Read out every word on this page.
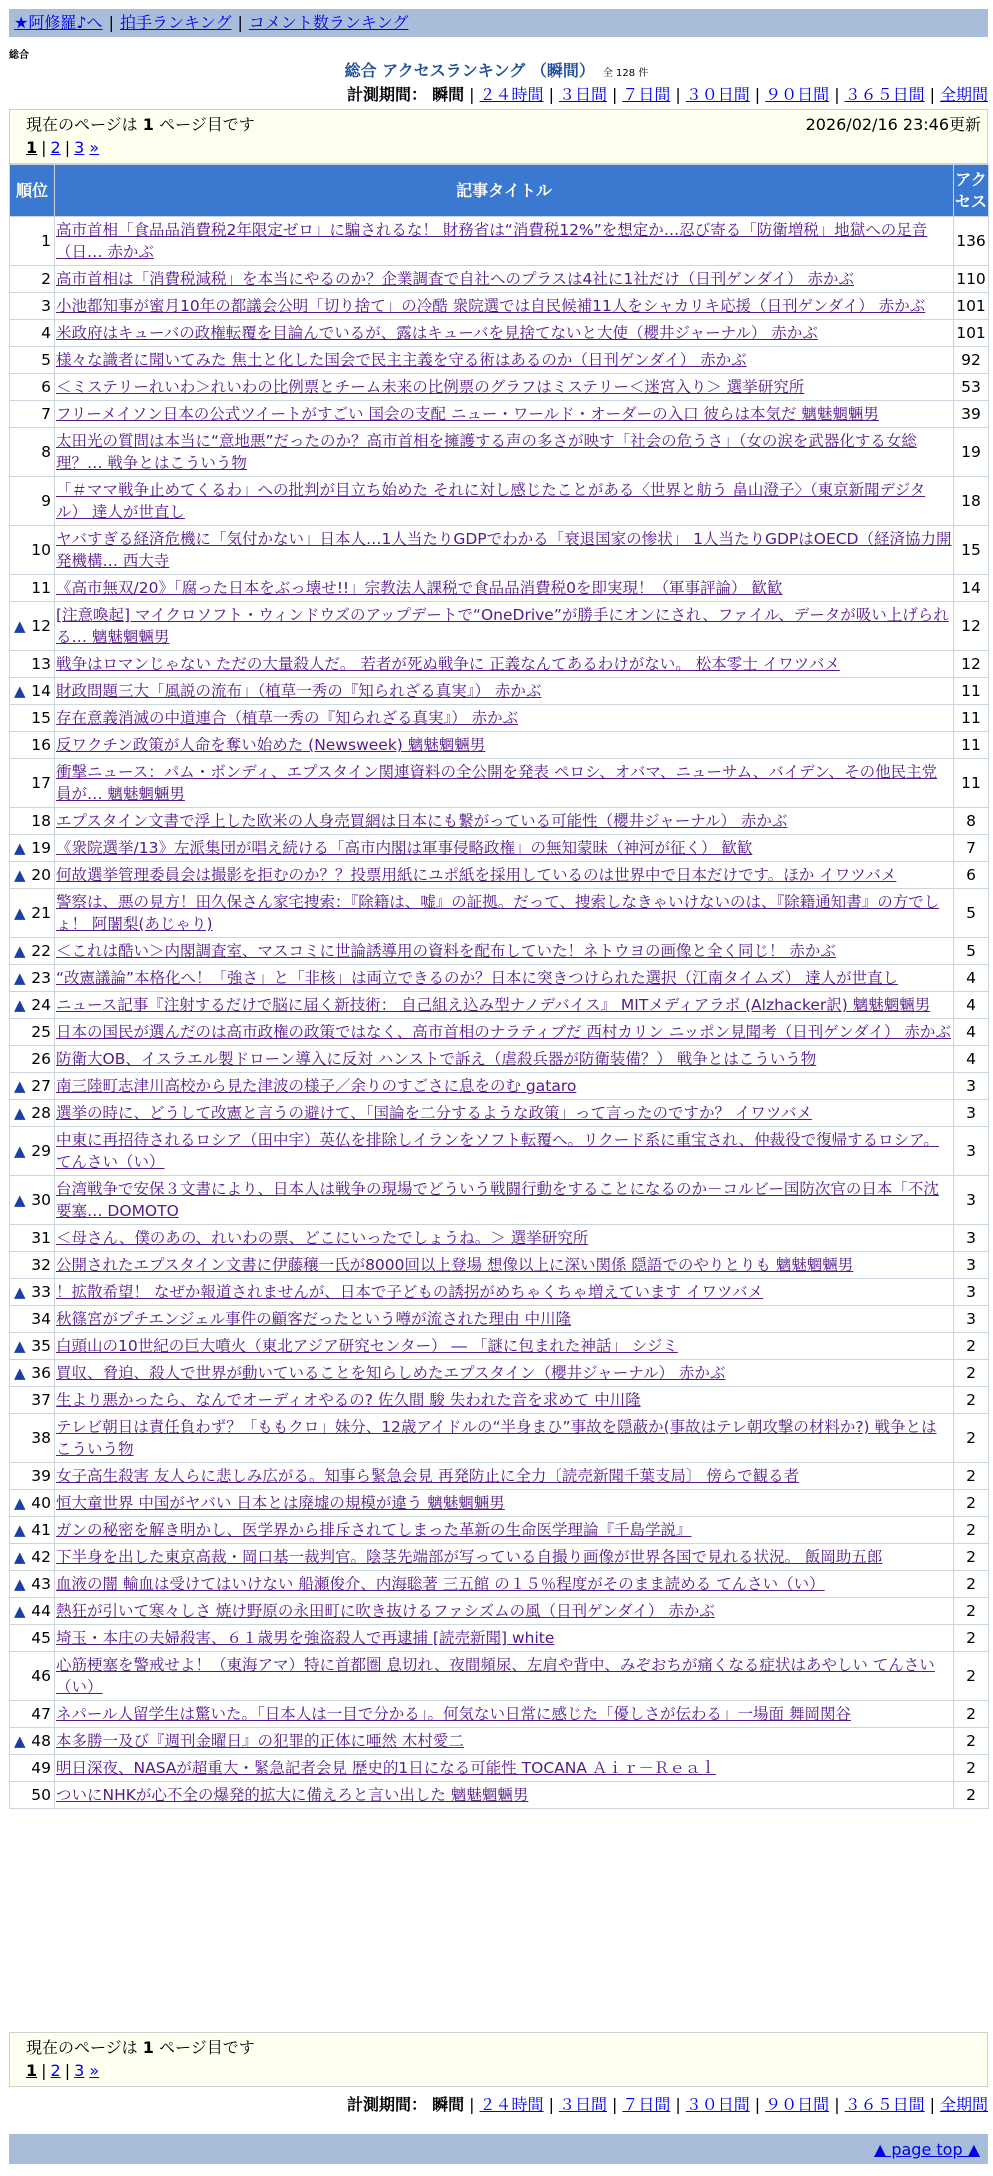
★阿修羅♪へ | 拍手ランキング | コメント数ランキング
総合
総合 アクセスランキング （瞬間） 全 128 件
計測期間： 瞬間 | ２４時間 | ３日間 | ７日間 | ３０日間 | ９０日間 | ３６５日間 | 全期間
現在のページは 1 ページ目です	2026/02/16 23:46更新
1 | 2 | 3 »
順位	記事タイトル	アクセス
1	高市首相「食品品消費税2年限定ゼロ」に騙されるな！ 財務省は“消費税12%”を想定か…忍び寄る「防衛増税」地獄への足音（日… 赤かぶ	136
2	高市首相は「消費税減税」を本当にやるのか？企業調査で自社へのプラスは4社に1社だけ（日刊ゲンダイ） 赤かぶ	110
3	小池都知事が蜜月10年の都議会公明「切り捨て」の冷酷 衆院選では自民候補11人をシャカリキ応援（日刊ゲンダイ） 赤かぶ	101
4	米政府はキューバの政権転覆を目論んでいるが、露はキューバを見捨てないと大使（櫻井ジャーナル） 赤かぶ	101
5	様々な識者に聞いてみた 焦土と化した国会で民主主義を守る術はあるのか（日刊ゲンダイ） 赤かぶ	92
6	＜ミステリーれいわ＞れいわの比例票とチーム未来の比例票のグラフはミステリー＜迷宮入り＞ 選挙研究所	53
7	フリーメイソン日本の公式ツイートがすごい 国会の支配 ニュー・ワールド・オーダーの入口 彼らは本気だ 魑魅魍魎男	39
8	太田光の質問は本当に“意地悪”だったのか？高市首相を擁護する声の多さが映す「社会の危うさ」（女の涙を武器化する女総理？… 戦争とはこういう物	19
9	「＃ママ戦争止めてくるわ」への批判が目立ち始めた それに対し感じたことがある〈世界と舫う 畠山澄子〉（東京新聞デジタル） 達人が世直し	18
10	ヤバすぎる経済危機に「気付かない」日本人…1人当たりGDPでわかる「衰退国家の惨状」 1人当たりGDPはOECD（経済協力開発機構… 西大寺	15
11	《高市無双/20》「腐った日本をぶっ壊せ!!」宗教法人課税で食品品消費税0を即実現！（軍事評論） 歓歓	14

▲ 12	[注意喚起] マイクロソフト・ウィンドウズのアップデートで“OneDrive”が勝手にオンにされ、ファイル、データが吸い上げられる… 魑魅魍魎男	12
13	戦争はロマンじゃない ただの大量殺人だ。 若者が死ぬ戦争に 正義なんてあるわけがない。 松本零士 イワツバメ	12

▲ 14	財政問題三大「風説の流布」（植草一秀の『知られざる真実』） 赤かぶ	11
15	存在意義消滅の中道連合（植草一秀の『知られざる真実』） 赤かぶ	11
16	反ワクチン政策が人命を奪い始めた (Newsweek) 魑魅魍魎男	11
17	衝撃ニュース：パム・ボンディ、エプスタイン関連資料の全公開を発表 ペロシ、オバマ、ニューサム、バイデン、その他民主党員が… 魑魅魍魎男	11
18	エプスタイン文書で浮上した欧米の人身売買網は日本にも繋がっている可能性（櫻井ジャーナル） 赤かぶ	8

▲ 19	《衆院選挙/13》左派集団が唱え続ける「高市内閣は軍事侵略政権」の無知蒙昧（神河が征く） 歓歓	7

▲ 20	何故選挙管理委員会は撮影を拒むのか？？投票用紙にユポ紙を採用しているのは世界中で日本だけです。ほか イワツバメ	6

▲ 21	警察は、悪の見方！田久保さん家宅捜索：『除籍は、嘘』の証拠。だって、捜索しなきゃいけないのは、『除籍通知書』の方でしょ！ 阿闍梨(あじゃり)	5

▲ 22	＜これは酷い＞内閣調査室、マスコミに世論誘導用の資料を配布していた！ネトウヨの画像と全く同じ！ 赤かぶ	5

▲ 23	“改憲議論”本格化へ！「強さ」と「非核」は両立できるのか？日本に突きつけられた選択（江南タイムズ） 達人が世直し	4

▲ 24	ニュース記事『注射するだけで脳に届く新技術： 自己組え込み型ナノデバイス』 MITメディアラボ (Alzhacker訳) 魑魅魍魎男	4
25	日本の国民が選んだのは高市政権の政策ではなく、高市首相のナラティブだ 西村カリン ニッポン見聞考（日刊ゲンダイ） 赤かぶ	4
26	防衛大OB、イスラエル製ドローン導入に反対 ハンストで訴え（虐殺兵器が防衛装備？） 戦争とはこういう物	4

▲ 27	南三陸町志津川高校から見た津波の様子／余りのすごさに息をのむ gataro	3

▲ 28	選挙の時に、どうして改憲と言うの避けて、「国論を二分するような政策」って言ったのですか？ イワツバメ	3

▲ 29	中東に再招待されるロシア（田中宇）英仏を排除しイランをソフト転覆へ。リクード系に重宝され、仲裁役で復帰するロシア。 てんさい（い）	3

▲ 30	台湾戦争で安保３文書により、日本人は戦争の現場でどういう戦闘行動をすることになるのか－コルビー国防次官の日本「不沈要塞… DOMOTO	3
31	＜母さん、僕のあの、れいわの票、どこにいったでしょうね。＞ 選挙研究所	3
32	公開されたエプスタイン文書に伊藤穰一氏が8000回以上登場 想像以上に深い関係 隠語でのやりとりも 魑魅魍魎男	3

▲ 33	！拡散希望！ なぜか報道されませんが、日本で子どもの誘拐がめちゃくちゃ増えています イワツバメ	3
34	秋篠宮がプチエンジェル事件の顧客だったという噂が流された理由 中川隆	3

▲ 35	白頭山の10世紀の巨大噴火（東北アジア研究センター） ― 「謎に包まれた神話」 シジミ	2

▲ 36	買収、脅迫、殺人で世界が動いていることを知らしめたエプスタイン（櫻井ジャーナル） 赤かぶ	2
37	生より悪かったら、なんでオーディオやるの? 佐久間 駿 失われた音を求めて 中川隆	2
38	テレビ朝日は責任負わず？「ももクロ」妹分、12歳アイドルの“半身まひ”事故を隠蔽か(事故はテレ朝攻撃の材料か?) 戦争とはこういう物	2
39	女子高生殺害 友人らに悲しみ広がる。知事ら緊急会見 再発防止に全力〔読売新聞千葉支局〕 傍らで観る者	2

▲ 40	恒大童世界 中国がヤバい 日本とは廃墟の規模が違う 魑魅魍魎男	2

▲ 41	ガンの秘密を解き明かし、医学界から排斥されてしまった革新の生命医学理論『千島学説』	2

▲ 42	下半身を出した東京高裁・岡口基一裁判官。陰茎先端部が写っている自撮り画像が世界各国で見れる状況。 飯岡助五郎	2

▲ 43	血液の闇 輸血は受けてはいけない 船瀬俊介、内海聡著 三五館 の１５％程度がそのまま読める てんさい（い）	2

▲ 44	熱狂が引いて寒々しさ 焼け野原の永田町に吹き抜けるファシズムの風（日刊ゲンダイ） 赤かぶ	2
45	埼玉・本庄の夫婦殺害、６１歳男を強盗殺人で再逮捕 [読売新聞] white	2
46	心筋梗塞を警戒せよ！（東海アマ）特に首都圏 息切れ、夜間頻尿、左肩や背中、みぞおちが痛くなる症状はあやしい てんさい（い）	2
47	ネパール人留学生は驚いた。「日本人は一目で分かる」。何気ない日常に感じた「優しさが伝わる」一場面 舞岡関谷	2

▲ 48	本多勝一及び『週刊金曜日』の犯罪的正体に唖然 木村愛二	2
49	明日深夜、NASAが超重大・緊急記者会見 歴史的1日になる可能性 TOCANA Ａｉｒ－Ｒｅａｌ	2
50	ついにNHKが心不全の爆発的拡大に備えろと言い出した 魑魅魍魎男	2
現在のページは 1 ページ目です
1 | 2 | 3 »
計測期間： 瞬間 | ２４時間 | ３日間 | ７日間 | ３０日間 | ９０日間 | ３６５日間 | 全期間
▲ page top ▲
